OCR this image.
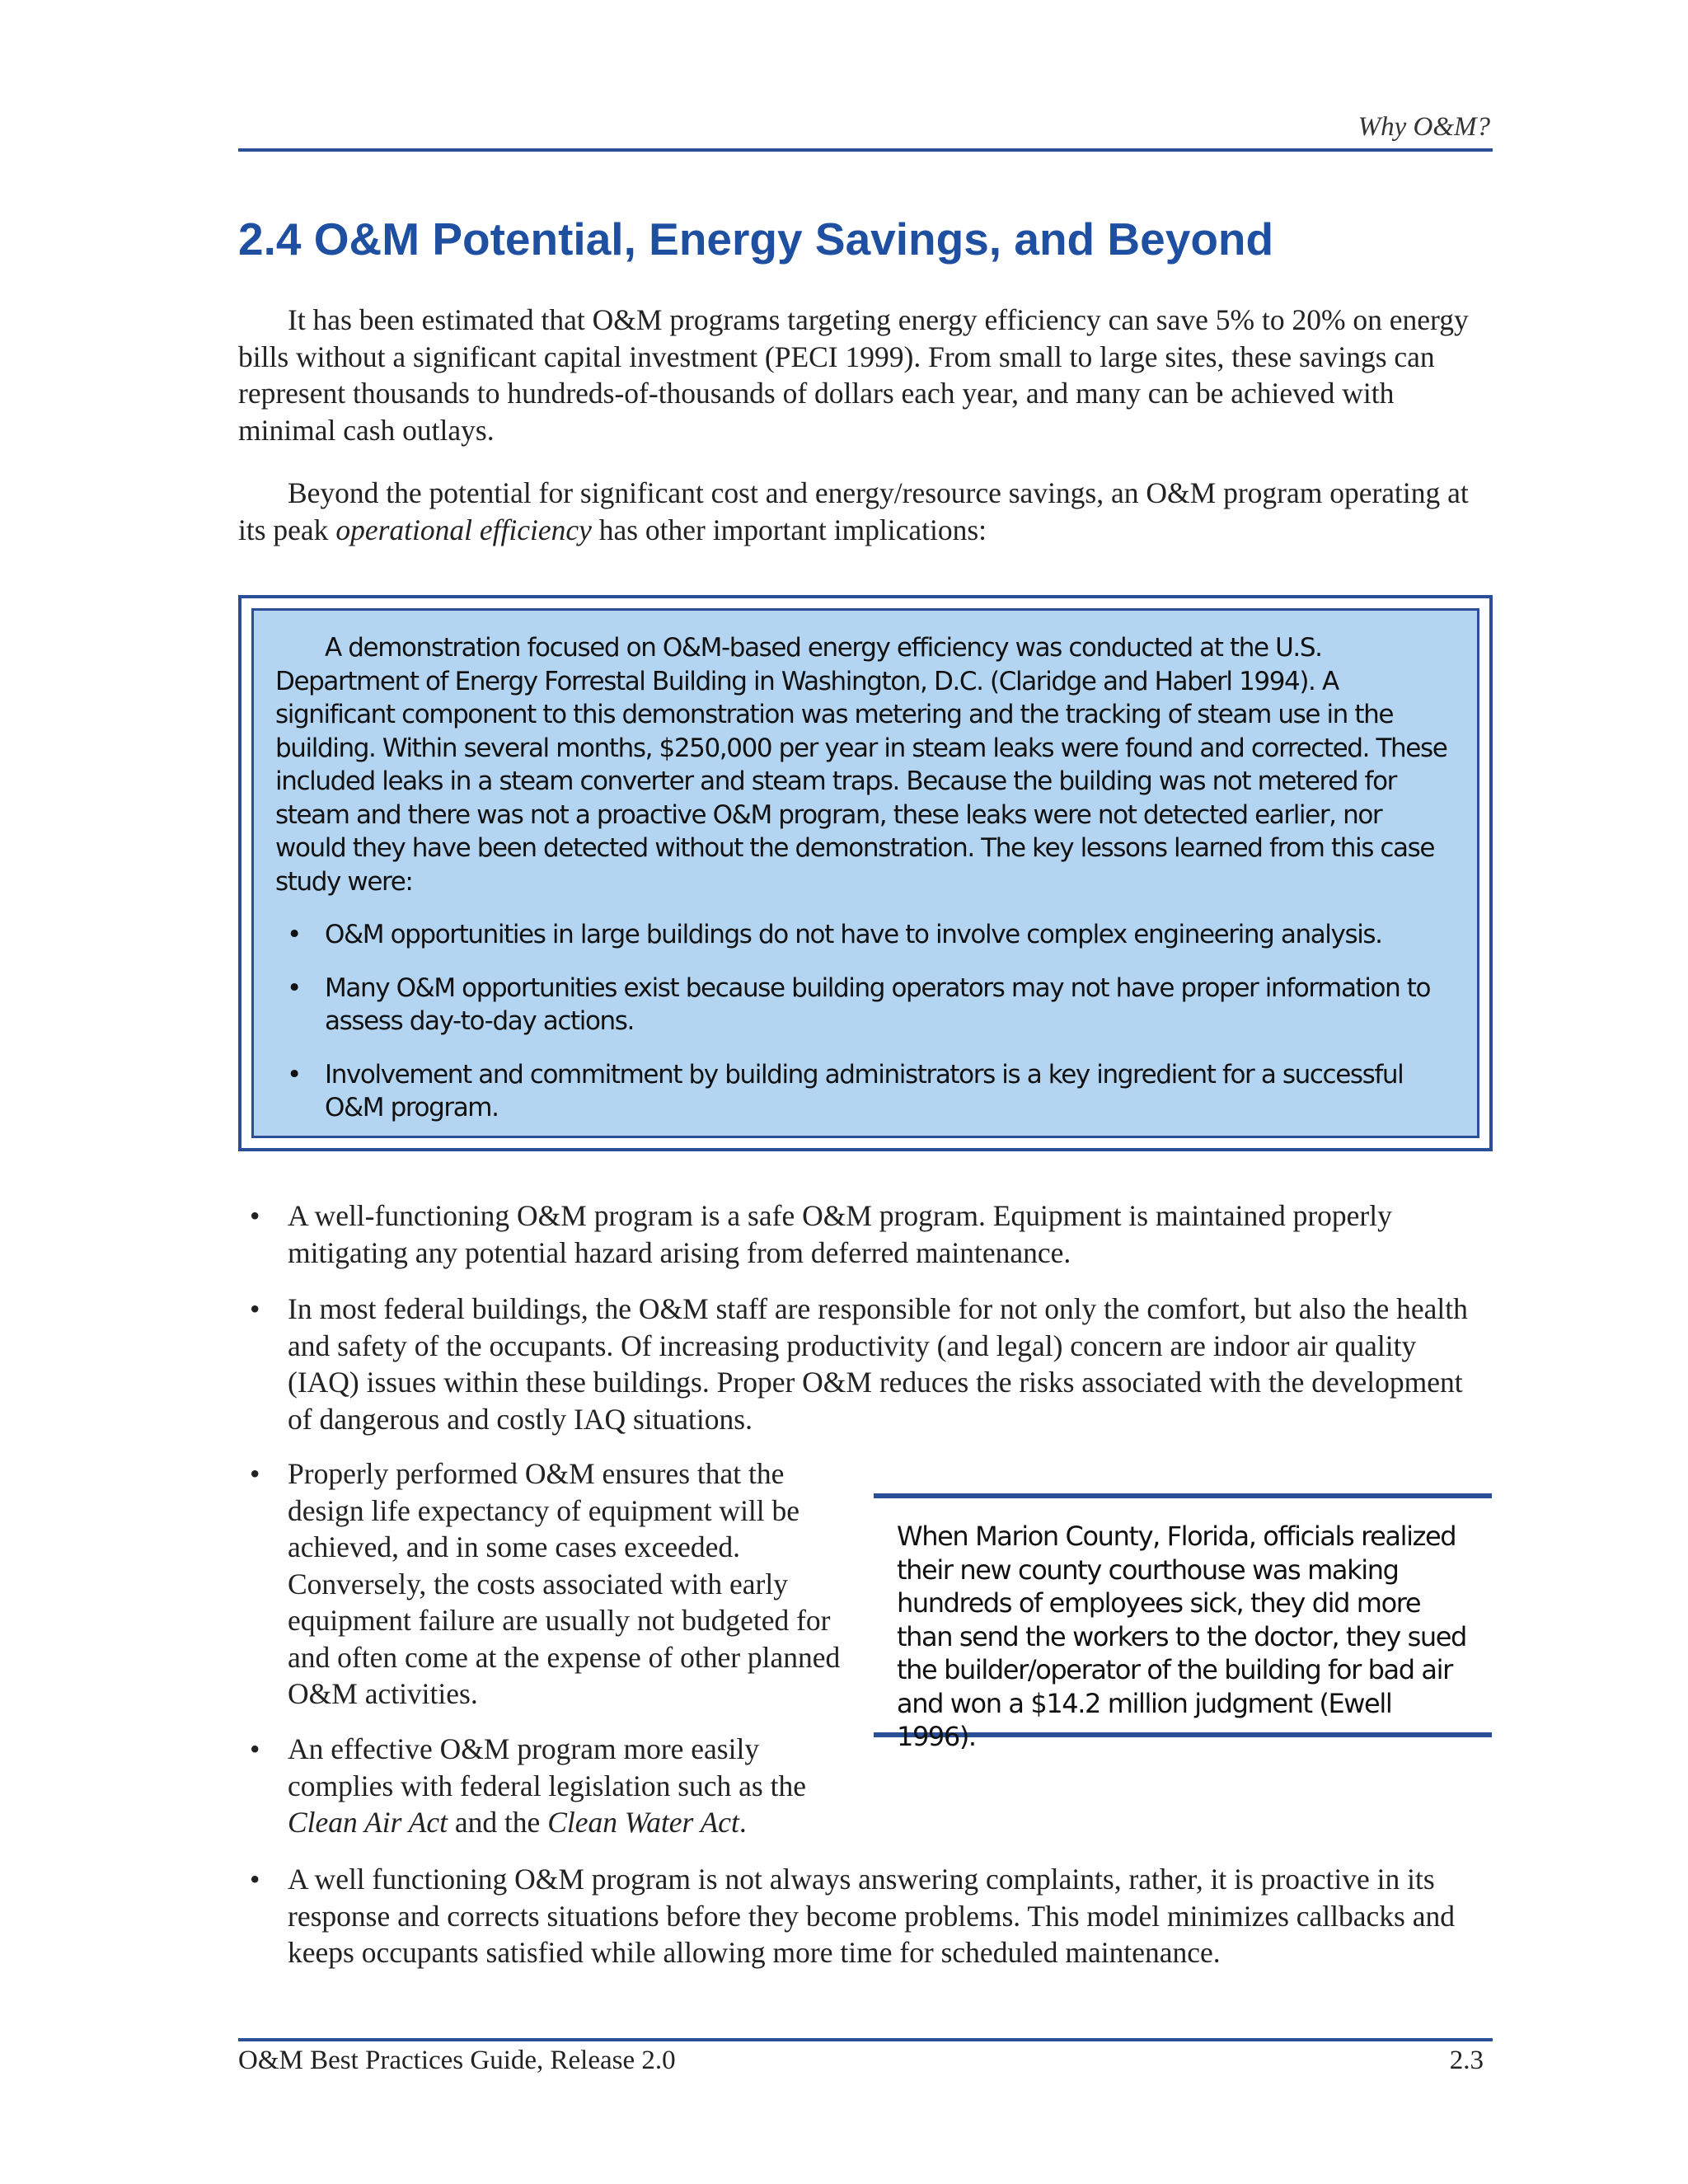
Why O&M?
2.4 O&M Potential, Energy Savings, and Beyond

It has been estimated that O&M programs targeting energy efficiency can save 5% to 20% on energy bills without a significant capital investment (PECI 1999). From small to large sites, these savings can represent thousands to hundreds-of-thousands of dollars each year, and many can be achieved with minimal cash outlays.

Beyond the potential for significant cost and energy/resource savings, an O&M program operating at its peak operational efficiency has other important implications:

A demonstration focused on O&M-based energy efficiency was conducted at the U.S. Department of Energy Forrestal Building in Washington, D.C. (Claridge and Haberl 1994). A significant component to this demonstration was metering and the tracking of steam use in the building. Within several months, $250,000 per year in steam leaks were found and corrected. These included leaks in a steam converter and steam traps. Because the building was not metered for steam and there was not a proactive O&M program, these leaks were not detected earlier, nor would they have been detected without the demonstration. The key lessons learned from this case study were:

• O&M opportunities in large buildings do not have to involve complex engineering analysis.
• Many O&M opportunities exist because building operators may not have proper information to assess day-to-day actions.
• Involvement and commitment by building administrators is a key ingredient for a successful O&M program.
• A well-functioning O&M program is a safe O&M program. Equipment is maintained properly mitigating any potential hazard arising from deferred maintenance.
• In most federal buildings, the O&M staff are responsible for not only the comfort, but also the health and safety of the occupants. Of increasing productivity (and legal) concern are indoor air quality (IAQ) issues within these buildings. Proper O&M reduces the risks associated with the development of dangerous and costly IAQ situations.
• Properly performed O&M ensures that the design life expectancy of equipment will be achieved, and in some cases exceeded. Conversely, the costs associated with early equipment failure are usually not budgeted for and often come at the expense of other planned O&M activities.
• An effective O&M program more easily complies with federal legislation such as the Clean Air Act and the Clean Water Act.
• A well functioning O&M program is not always answering complaints, rather, it is proactive in its response and corrects situations before they become problems. This model minimizes callbacks and keeps occupants satisfied while allowing more time for scheduled maintenance.
When Marion County, Florida, officials realized their new county courthouse was making hundreds of employees sick, they did more than send the workers to the doctor, they sued the builder/operator of the building for bad air and won a $14.2 million judgment (Ewell 1996).
O&M Best Practices Guide, Release 2.0	2.3
